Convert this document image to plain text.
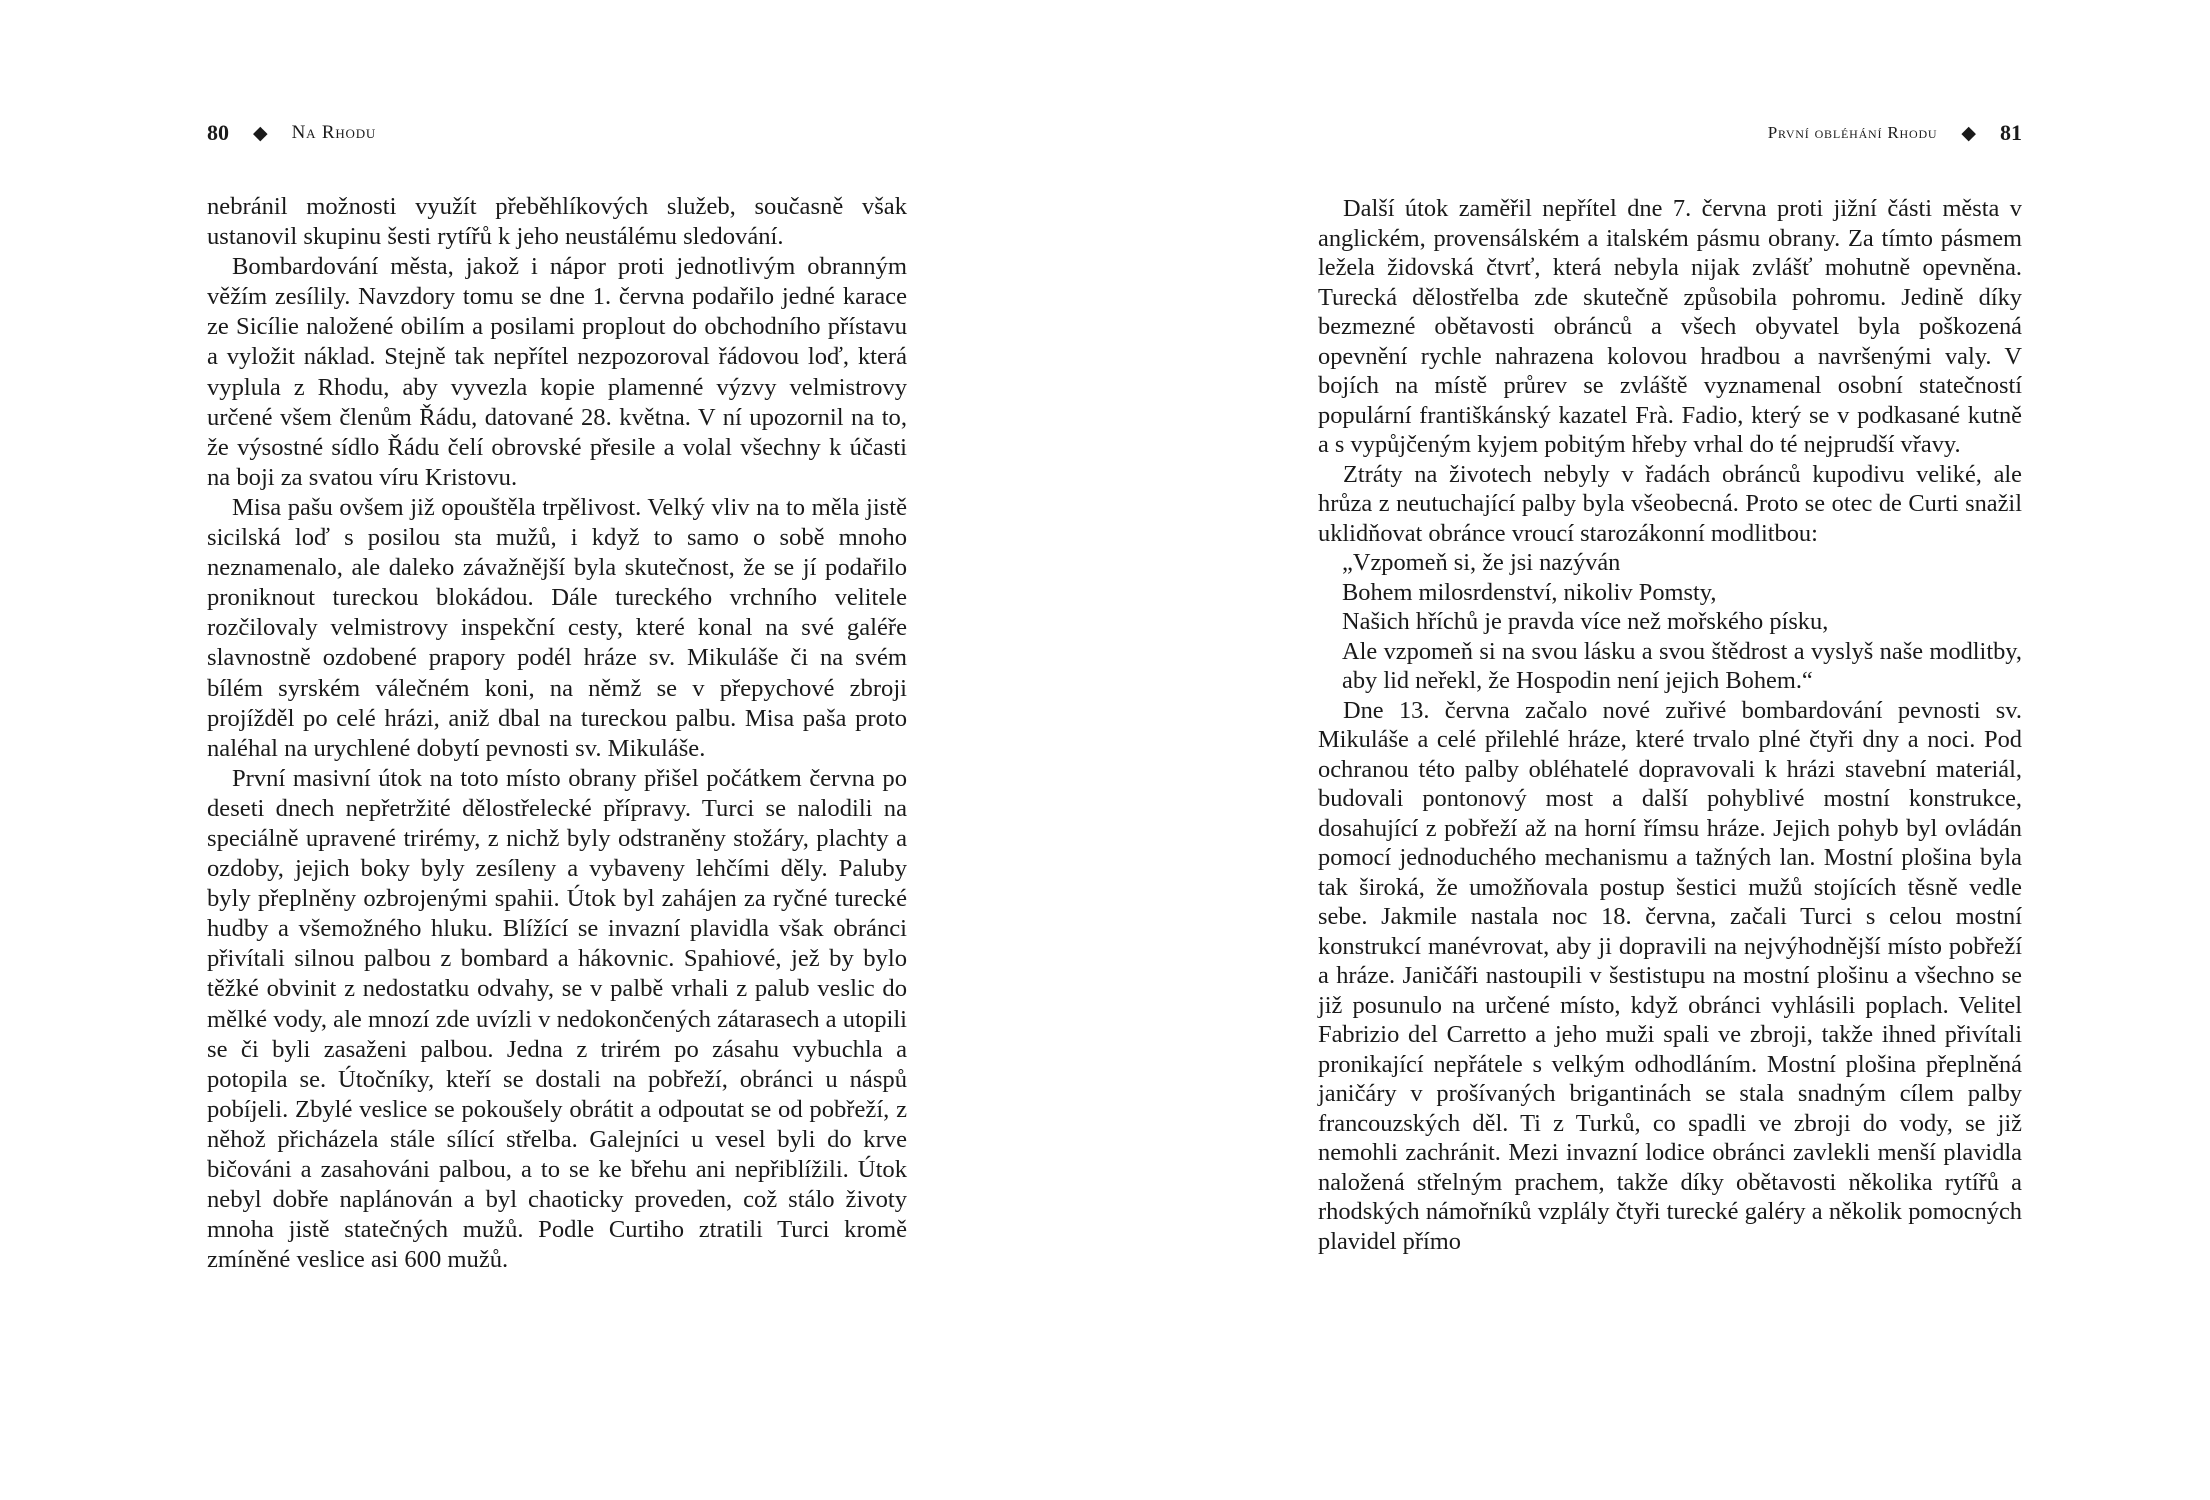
80 ◆ Na Rhodu

nebránil možnosti využít přeběhlíkových služeb, současně však ustanovil skupinu šesti rytířů k jeho neustálému sledování.

Bombardování města, jakož i nápor proti jednotlivým obranným věžím zesílily. Navzdory tomu se dne 1. června podařilo jedné karace ze Sicílie naložené obilím a posilami proplout do obchodního přístavu a vyložit náklad. Stejně tak nepřítel nezpozoroval řádovou loď, která vyplula z Rhodu, aby vyvezla kopie plamenné výzvy velmistrovy určené všem členům Řádu, datované 28. května. V ní upozornil na to, že výsostné sídlo Řádu čelí obrovské přesile a volal všechny k účasti na boji za svatou víru Kristovu.

Misa pašu ovšem již opouštěla trpělivost. Velký vliv na to měla jistě sicilská loď s posilou sta mužů, i když to samo o sobě mnoho neznamenalo, ale daleko závažnější byla skutečnost, že se jí podařilo proniknout tureckou blokádou. Dále tureckého vrchního velitele rozčilovaly velmistrovy inspekční cesty, které konal na své galéře slavnostně ozdobené prapory podél hráze sv. Mikuláše či na svém bílém syrském válečném koni, na němž se v přepychové zbroji projížděl po celé hrázi, aniž dbal na tureckou palbu. Misa paša proto naléhal na urychlené dobytí pevnosti sv. Mikuláše.

První masivní útok na toto místo obrany přišel počátkem června po deseti dnech nepřetržité dělostřelecké přípravy. Turci se nalodili na speciálně upravené trirémy, z nichž byly odstraněny stožáry, plachty a ozdoby, jejich boky byly zesíleny a vybaveny lehčími děly. Paluby byly přeplněny ozbrojenými spahii. Útok byl zahájen za ryčné turecké hudby a všemožného hluku. Blížící se invazní plavidla však obránci přivítali silnou palbou z bombard a hákovnic. Spahiové, jež by bylo těžké obvinit z nedostatku odvahy, se v palbě vrhali z palub veslic do mělké vody, ale mnozí zde uvízli v nedokončených zátarasech a utopili se či byli zasaženi palbou. Jedna z trirém po zásahu vybuchla a potopila se. Útočníky, kteří se dostali na pobřeží, obránci u náspů pobíjeli. Zbylé veslice se pokoušely obrátit a odpoutat se od pobřeží, z něhož přicházela stále sílící střelba. Galejníci u vesel byli do krve bičováni a zasahováni palbou, a to se ke břehu ani nepřiblížili. Útok nebyl dobře naplánován a byl chaoticky proveden, což stálo životy mnoha jistě statečných mužů. Podle Curtiho ztratili Turci kromě zmíněné veslice asi 600 mužů.

První obléhání Rhodu ◆ 81

Další útok zaměřil nepřítel dne 7. června proti jižní části města v anglickém, provensálském a italském pásmu obrany. Za tímto pásmem ležela židovská čtvrť, která nebyla nijak zvlášť mohutně opevněna. Turecká dělostřelba zde skutečně způsobila pohromu. Jedině díky bezmezné obětavosti obránců a všech obyvatel byla poškozená opevnění rychle nahrazena kolovou hradbou a navršenými valy. V bojích na místě průrev se zvláště vyznamenal osobní statečností populární františkánský kazatel Frà. Fadio, který se v podkasané kutně a s vypůjčeným kyjem pobitým hřeby vrhal do té nejprudší vřavy.

Ztráty na životech nebyly v řadách obránců kupodivu veliké, ale hrůza z neutuchající palby byla všeobecná. Proto se otec de Curti snažil uklidňovat obránce vroucí starozákonní modlitbou:

„Vzpomeň si, že jsi nazýván

Bohem milosrdenství, nikoliv Pomsty,

Našich hříchů je pravda více než mořského písku,

Ale vzpomeň si na svou lásku a svou štědrost a vyslyš naše modlitby, aby lid neřekl, že Hospodin není jejich Bohem.“

Dne 13. června začalo nové zuřivé bombardování pevnosti sv. Mikuláše a celé přilehlé hráze, které trvalo plné čtyři dny a noci. Pod ochranou této palby obléhatelé dopravovali k hrázi stavební materiál, budovali pontonový most a další pohyblivé mostní konstrukce, dosahující z pobřeží až na horní římsu hráze. Jejich pohyb byl ovládán pomocí jednoduchého mechanismu a tažných lan. Mostní plošina byla tak široká, že umožňovala postup šestici mužů stojících těsně vedle sebe. Jakmile nastala noc 18. června, začali Turci s celou mostní konstrukcí manévrovat, aby ji dopravili na nejvýhodnější místo pobřeží a hráze. Janičáři nastoupili v šestistupu na mostní plošinu a všechno se již posunulo na určené místo, když obránci vyhlásili poplach. Velitel Fabrizio del Carretto a jeho muži spali ve zbroji, takže ihned přivítali pronikající nepřátele s velkým odhodláním. Mostní plošina přeplněná janičáry v prošívaných brigantinách se stala snadným cílem palby francouzských děl. Ti z Turků, co spadli ve zbroji do vody, se již nemohli zachránit. Mezi invazní lodice obránci zavlekli menší plavidla naložená střelným prachem, takže díky obětavosti několika rytířů a rhodských námořníků vzplály čtyři turecké galéry a několik pomocných plavidel přímo
